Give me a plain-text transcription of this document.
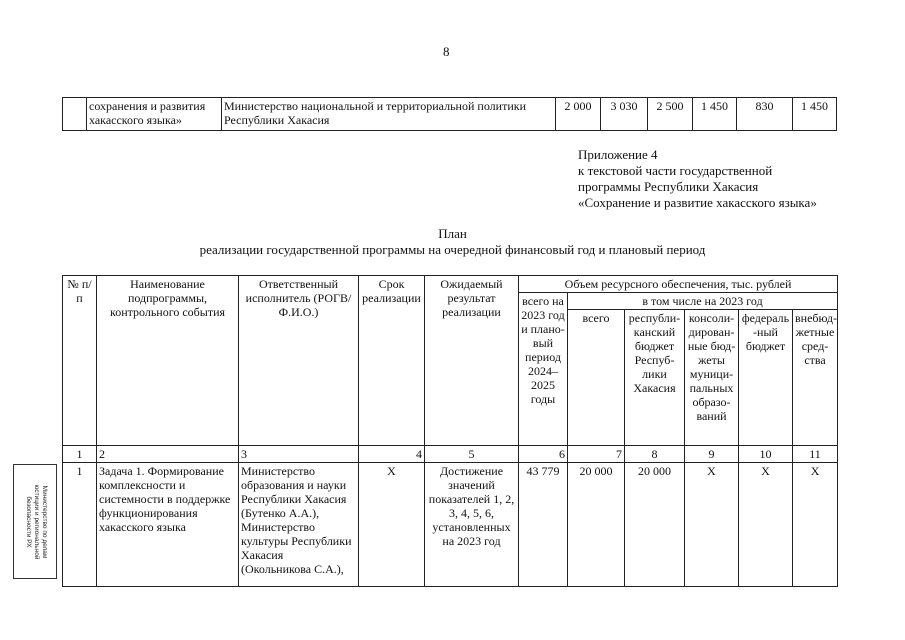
8
	сохранения и развития хакасского языка»	Министерство национальной и территориальной политики Республики Хакасия	2 000	3 030	2 500	1 450	830	1 450
Приложение 4
к текстовой части государственной
программы Республики Хакасия
«Сохранение и развитие хакасского языка»
План
реализации государственной программы на очередной финансовый год и плановый период
№ п/п	Наименование подпрограммы, контрольного события	Ответственный исполнитель (РОГВ/Ф.И.О.)	Срок реализации	Ожидаемый результат реализации	Объем ресурсного обеспечения, тыс. рублей					
					всего на 2023 год и плано-вый период 2024–2025 годы	в том числе на 2023 год				
						всего	республи-канский бюджет Респуб-лики Хакасия	консоли-дирован-ные бюд-жеты муници-пальных образо-ваний	федераль -ный бюджет	внебюд-жетные сред-ства
1	2	3	4	5	6	7	8	9	10	11
1	Задача 1. Формирование комплексности и системности в поддержке функционирования хакасского языка	Министерство образования и науки Республики Хакасия (Бутенко А.А.), Министерство культуры Республики Хакасия (Окольникова С.А.),	X	Достижение значений показателей 1, 2, 3, 4, 5, 6, установленных на 2023 год	43 779	20 000	20 000	X	X	X
Министерство по делам
юстиции и региональной
безопасности РХ
